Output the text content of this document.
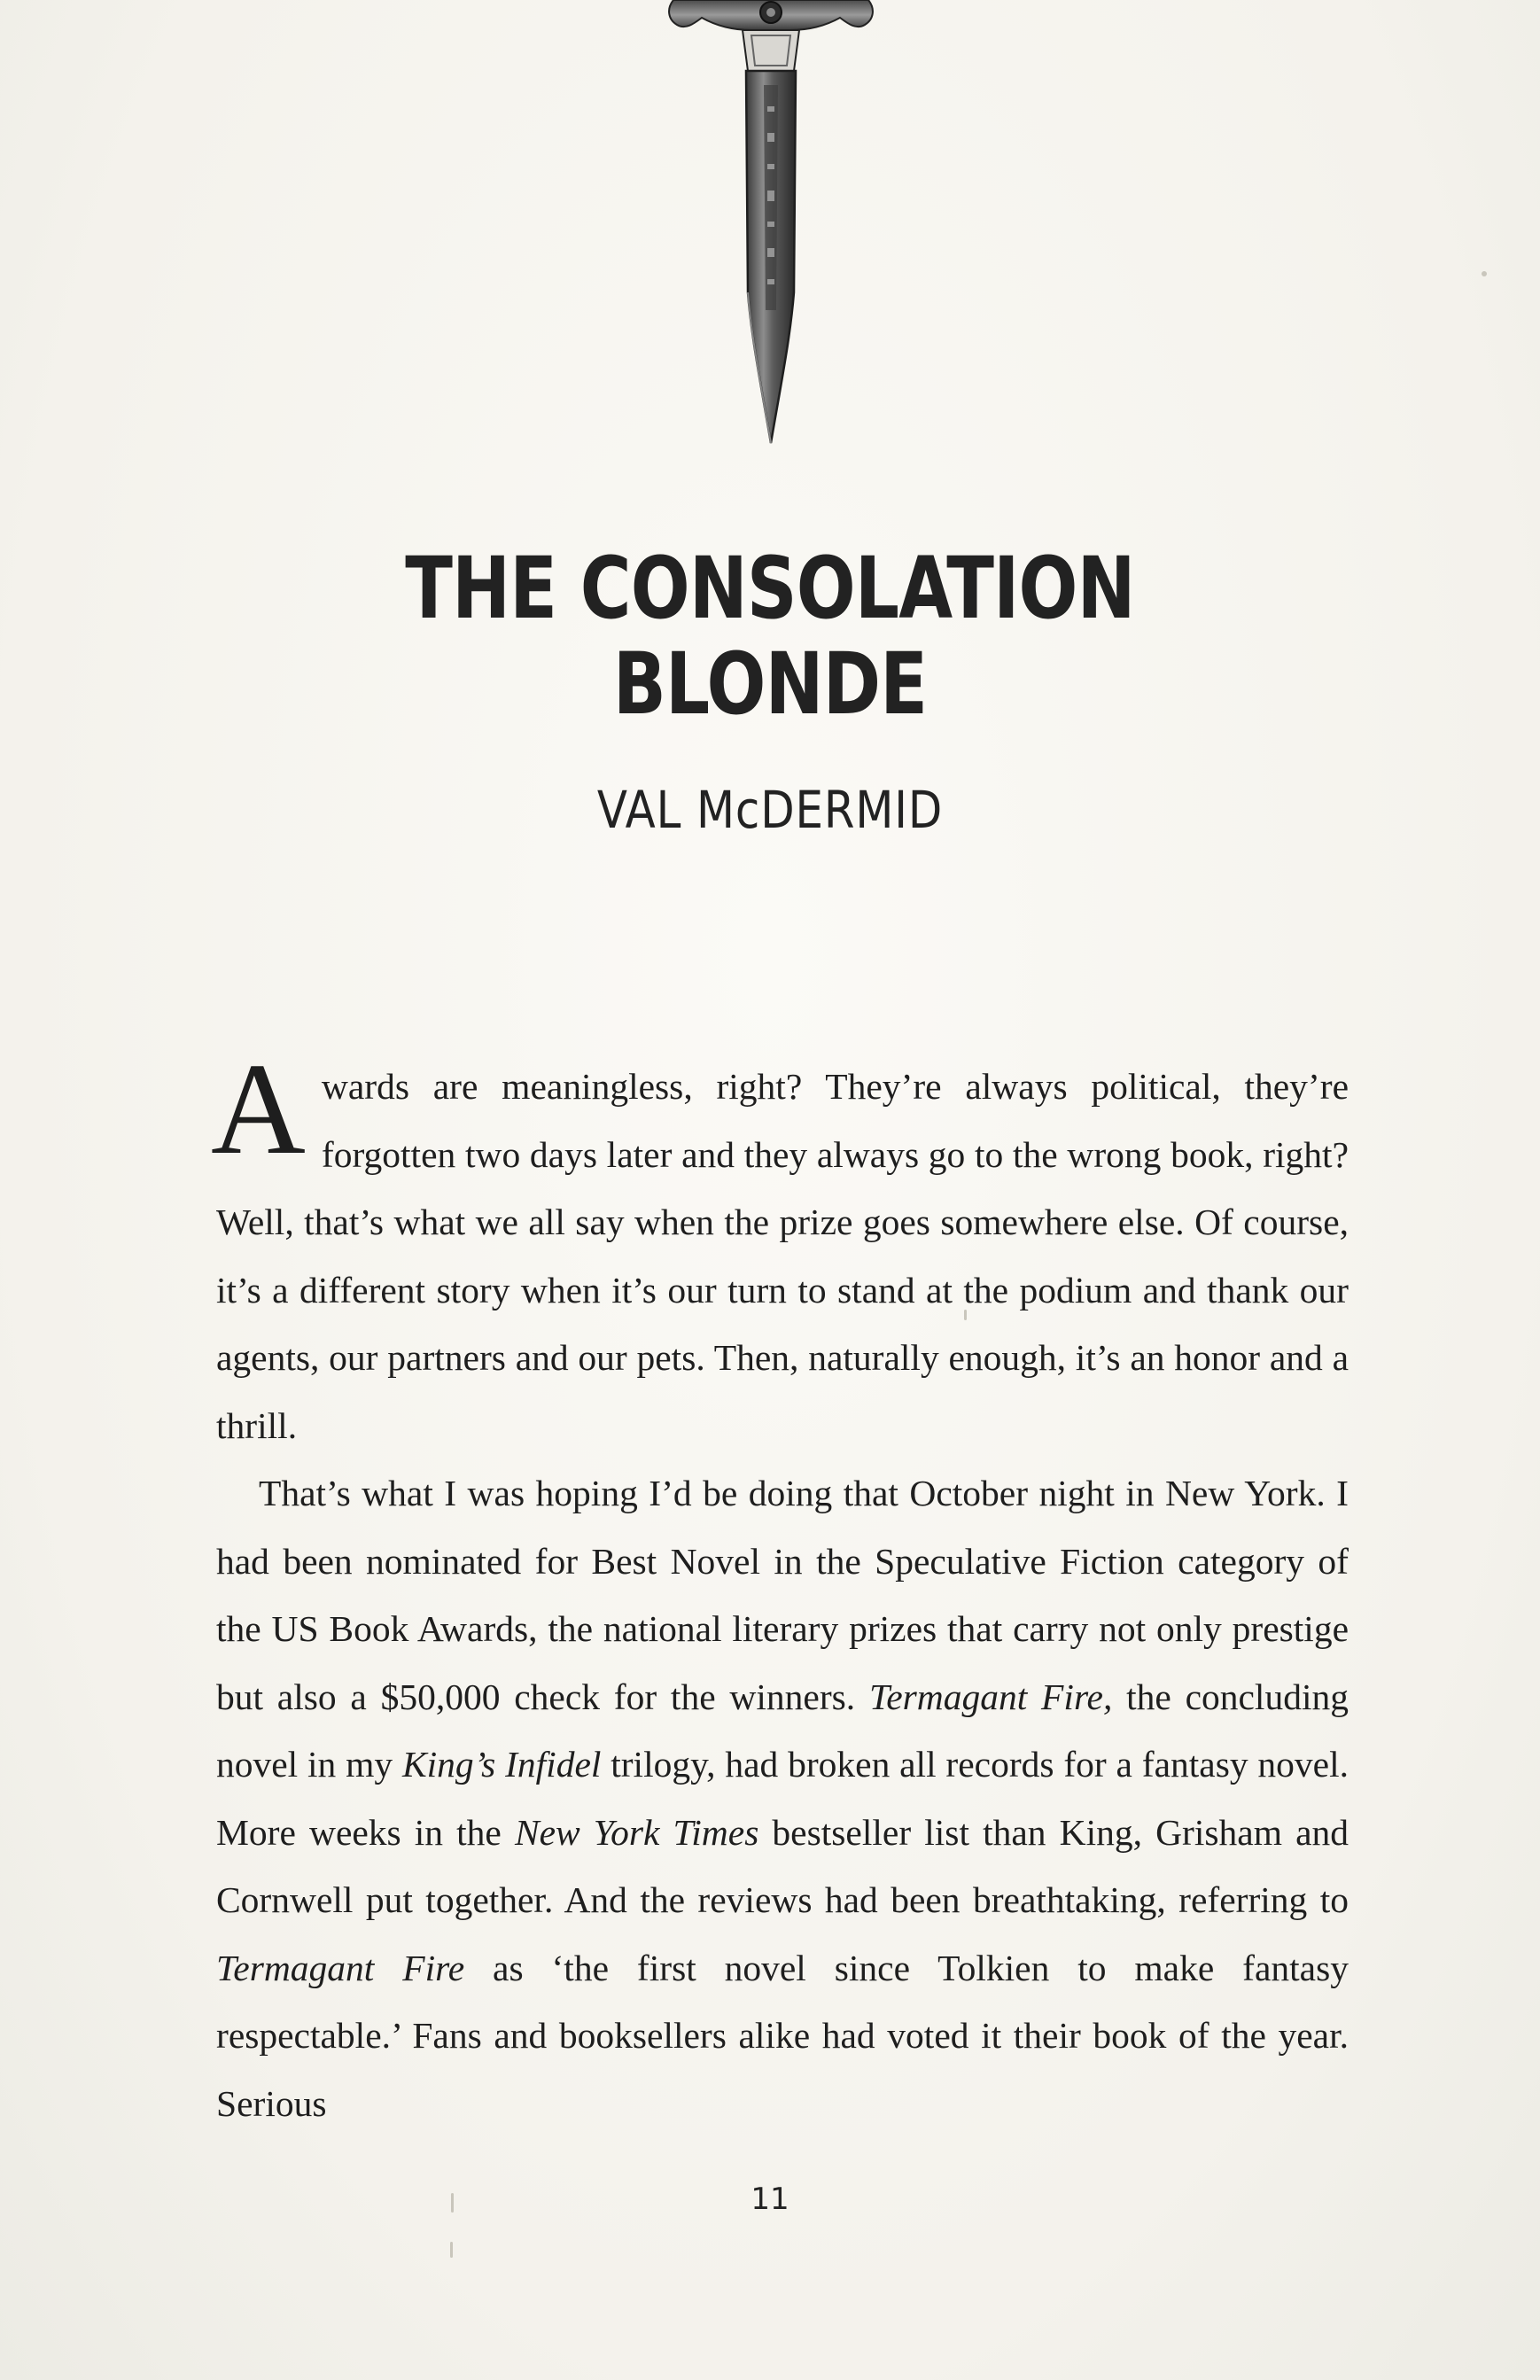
THE CONSOLATION
BLONDE
VAL McDERMID

Awards are meaningless, right? They’re always political, they’re forgotten two days later and they always go to the wrong book, right? Well, that’s what we all say when the prize goes somewhere else. Of course, it’s a different story when it’s our turn to stand at the podium and thank our agents, our partners and our pets. Then, naturally enough, it’s an honor and a thrill.

That’s what I was hoping I’d be doing that October night in New York. I had been nominated for Best Novel in the Speculative Fiction category of the US Book Awards, the national literary prizes that carry not only prestige but also a $50,000 check for the winners. Termagant Fire, the concluding novel in my King’s Infidel trilogy, had broken all records for a fantasy novel. More weeks in the New York Times bestseller list than King, Grisham and Cornwell put together. And the reviews had been breathtaking, referring to Termagant Fire as ‘the first novel since Tolkien to make fantasy respectable.’ Fans and booksellers alike had voted it their book of the year. Serious

11
